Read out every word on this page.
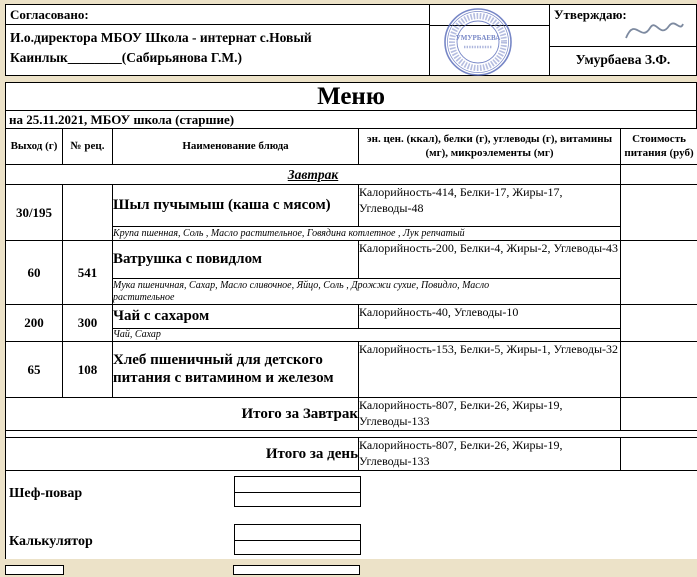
Согласовано:
И.о.директора МБОУ Школа - интернат с.Новый
Каинлык________(Сабирьянова Г.М.)
УМУРБАЕВА
Утверждаю:
Умурбаева З.Ф.
Меню
на 25.11.2021, МБОУ школа (старшие)
Выход (г)	№ рец.	Наименование блюда	эн. цен. (ккал), белки (г), углеводы (г), витамины (мг), микроэлементы (мг)	Стоимость питания (руб)
Завтрак				
30/195		Шыл пучымыш (каша с мясом)	Калорийность-414, Белки-17, Жиры-17, Углеводы-48	

		Крупа пшенная, Соль , Масло растительное, Говядина котлетное , Лук репчатый		

60	541	Ватрушка с повидлом	Калорийность-200, Белки-4, Жиры-2, Углеводы-43	

		Мука пшеничная, Сахар, Масло сливочное, Яйцо, Соль , Дрожжи сухие, Повидло, Масло растительное		

200	300	Чай с сахаром	Калорийность-40, Углеводы-10	

		Чай, Сахар		

65	108	Хлеб пшеничный для детского питания с витамином и железом	Калорийность-153, Белки-5, Жиры-1, Углеводы-32	
Итого за Завтрак			Калорийность-807, Белки-26, Жиры-19, Углеводы-133	

Итого за день			Калорийность-807, Белки-26, Жиры-19, Углеводы-133	
Шеф-повар
Калькулятор
